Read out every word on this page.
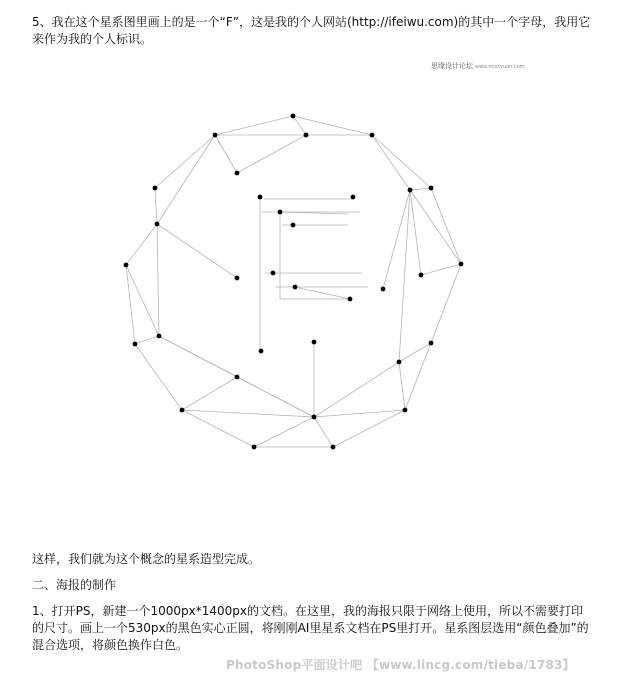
5、我在这个星系图里画上的是一个“F”，这是我的个人网站(http://ifeiwu.com)的其中一个字母，我用它来作为我的个人标识。

思缘设计论坛 www.missyuan.com

这样，我们就为这个概念的星系造型完成。

二、海报的制作

1、打开PS，新建一个1000px*1400px的文档。在这里，我的海报只限于网络上使用，所以不需要打印的尺寸。画上一个530px的黑色实心正圆，将刚刚AI里星系文档在PS里打开。星系图层选用“颜色叠加”的混合选项，将颜色换作白色。

PhotoShop平面设计吧 【www.lincg.com/tieba/1783】
